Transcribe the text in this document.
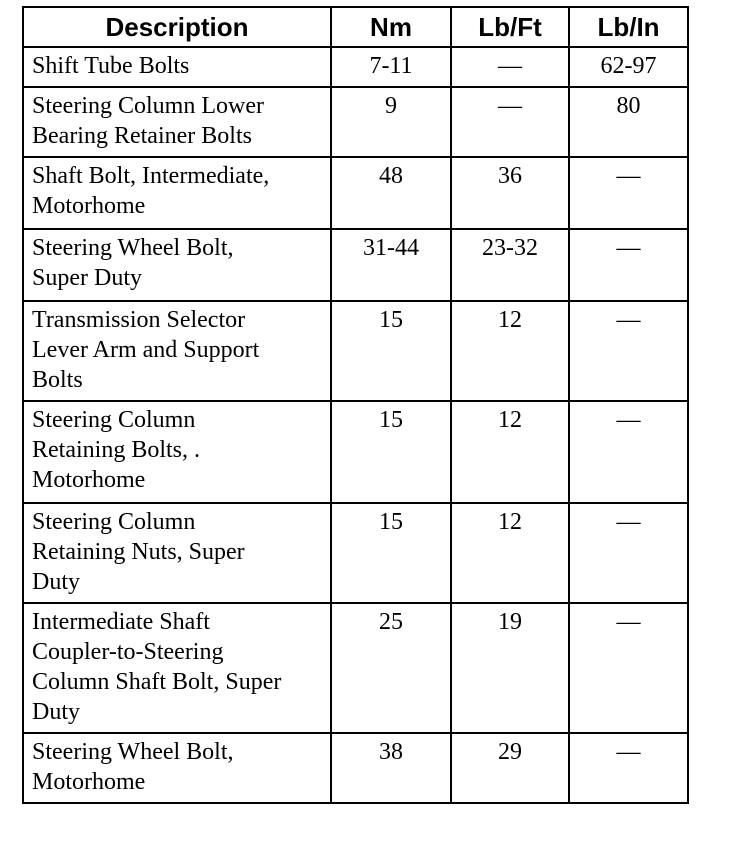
Description	Nm	Lb/Ft	Lb/In

Shift Tube Bolts	7-11	—	62-97

Steering Column Lower
Bearing Retainer Bolts	9	—	80

Shaft Bolt, Intermediate,
Motorhome	48	36	—

Steering Wheel Bolt,
Super Duty	31-44	23-32	—

Transmission Selector
Lever Arm and Support
Bolts	15	12	—

Steering Column
Retaining Bolts, .
Motorhome	15	12	—

Steering Column
Retaining Nuts, Super
Duty	15	12	—

Intermediate Shaft
Coupler-to-Steering
Column Shaft Bolt, Super
Duty	25	19	—

Steering Wheel Bolt,
Motorhome	38	29	—
